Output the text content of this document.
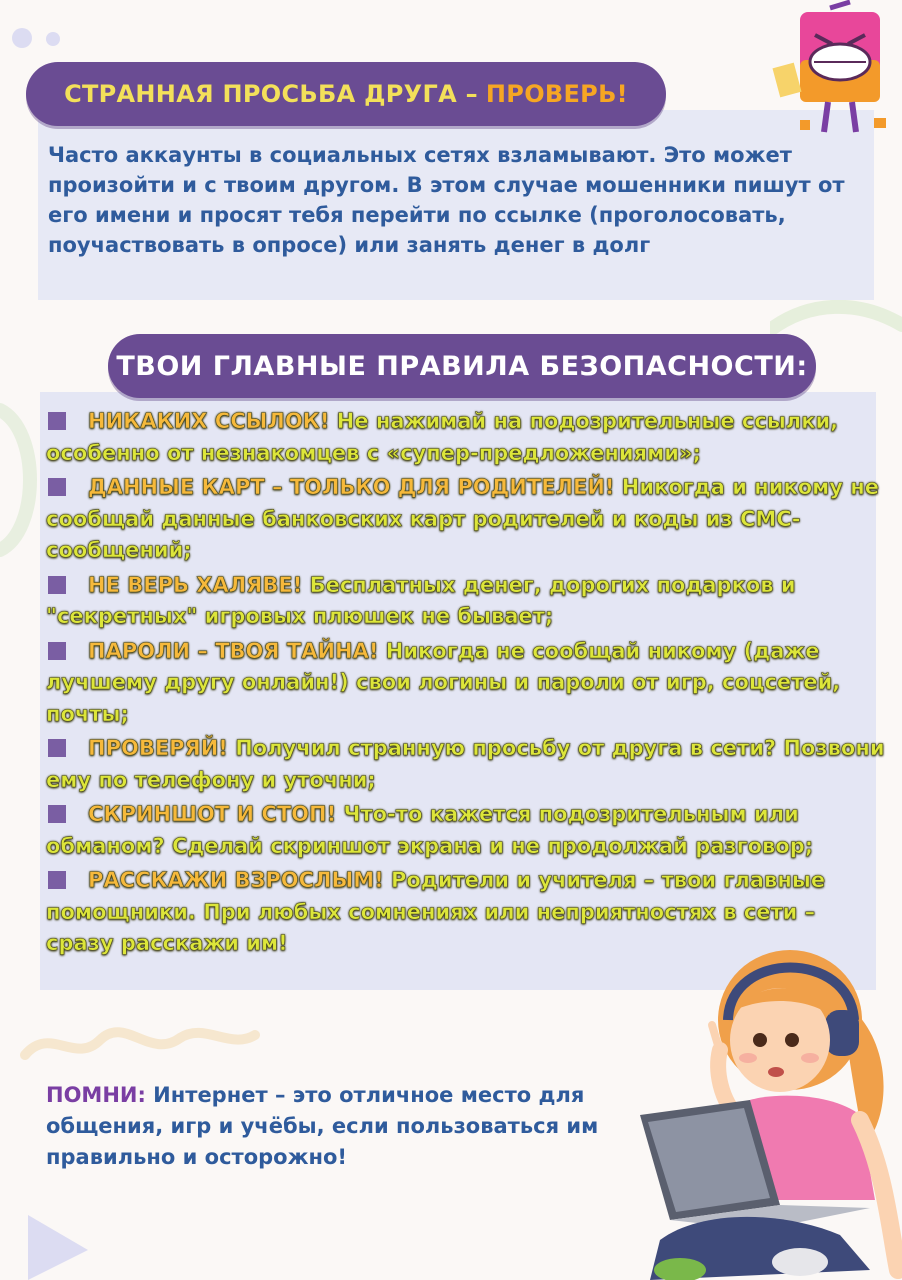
СТРАННАЯ ПРОСЬБА ДРУГА – ПРОВЕРЬ!

Часто аккаунты в социальных сетях взламывают. Это может произойти и с твоим другом. В этом случае мошенники пишут от его имени и просят тебя перейти по ссылке (проголосовать, поучаствовать в опросе) или занять денег в долг

ТВОИ ГЛАВНЫЕ ПРАВИЛА БЕЗОПАСНОСТИ:
НИКАКИХ ССЫЛОК! Не нажимай на подозрительные ссылки, особенно от незнакомцев с «супер-предложениями»;
ДАННЫЕ КАРТ – ТОЛЬКО ДЛЯ РОДИТЕЛЕЙ! Никогда и никому не сообщай данные банковских карт родителей и коды из СМС-сообщений;
НЕ ВЕРЬ ХАЛЯВЕ! Бесплатных денег, дорогих подарков и "секретных" игровых плюшек не бывает;
ПАРОЛИ – ТВОЯ ТАЙНА! Никогда не сообщай никому (даже лучшему другу онлайн!) свои логины и пароли от игр, соцсетей, почты;
ПРОВЕРЯЙ! Получил странную просьбу от друга в сети? Позвони ему по телефону и уточни;
СКРИНШОТ И СТОП! Что-то кажется подозрительным или обманом? Сделай скриншот экрана и не продолжай разговор;
РАССКАЖИ ВЗРОСЛЫМ! Родители и учителя – твои главные помощники. При любых сомнениях или неприятностях в сети – сразу расскажи им!

ПОМНИ: Интернет – это отличное место для общения, игр и учёбы, если пользоваться им правильно и осторожно!
